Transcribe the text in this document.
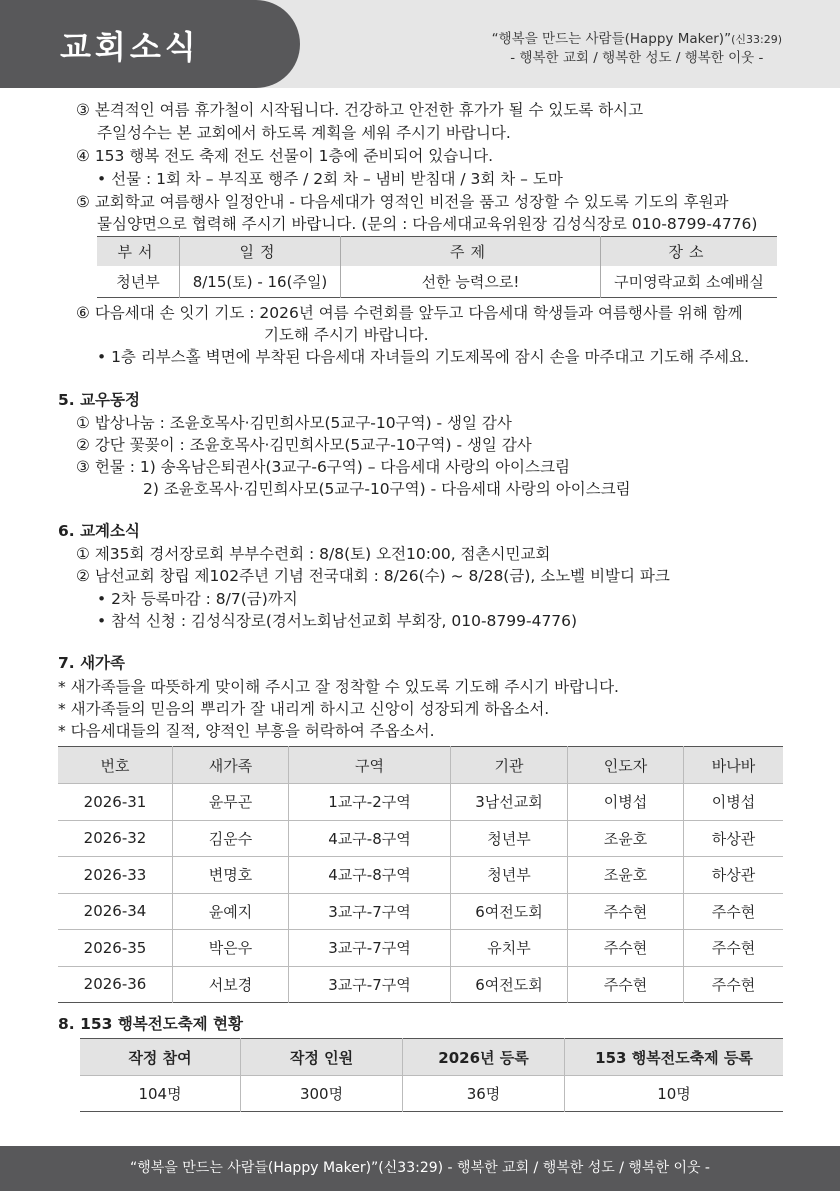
교회소식	“행복을 만드는 사람들(Happy Maker)”(신33:29)
- 행복한 교회 / 행복한 성도 / 행복한 이웃 -
③ 본격적인 여름 휴가철이 시작됩니다. 건강하고 안전한 휴가가 될 수 있도록 하시고
주일성수는 본 교회에서 하도록 계획을 세워 주시기 바랍니다.
④ 153 행복 전도 축제 전도 선물이 1층에 준비되어 있습니다.
• 선물 : 1회 차 – 부직포 행주 / 2회 차 – 냄비 받침대 / 3회 차 – 도마
⑤ 교회학교 여름행사 일정안내 - 다음세대가 영적인 비전을 품고 성장할 수 있도록 기도의 후원과
물심양면으로 협력해 주시기 바랍니다. (문의 : 다음세대교육위원장 김성식장로 010-8799-4776)
부서	일정	주제	장소
청년부	8/15(토) - 16(주일)	선한 능력으로!	구미영락교회 소예배실
⑥ 다음세대 손 잇기 기도 : 2026년 여름 수련회를 앞두고 다음세대 학생들과 여름행사를 위해 함께
기도해 주시기 바랍니다.
• 1층 리부스홀 벽면에 부착된 다음세대 자녀들의 기도제목에 잠시 손을 마주대고 기도해 주세요.
5. 교우동정
① 밥상나눔 : 조윤호목사·김민희사모(5교구-10구역) - 생일 감사
② 강단 꽃꽂이 : 조윤호목사·김민희사모(5교구-10구역) - 생일 감사
③ 헌물 : 1) 송옥남은퇴권사(3교구-6구역) – 다음세대 사랑의 아이스크림
2) 조윤호목사·김민희사모(5교구-10구역) - 다음세대 사랑의 아이스크림
6. 교계소식
① 제35회 경서장로회 부부수련회 : 8/8(토) 오전10:00, 점촌시민교회
② 남선교회 창립 제102주년 기념 전국대회 : 8/26(수) ~ 8/28(금), 소노벨 비발디 파크
• 2차 등록마감 : 8/7(금)까지
• 참석 신청 : 김성식장로(경서노회남선교회 부회장, 010-8799-4776)
7. 새가족
* 새가족들을 따뜻하게 맞이해 주시고 잘 정착할 수 있도록 기도해 주시기 바랍니다.
* 새가족들의 믿음의 뿌리가 잘 내리게 하시고 신앙이 성장되게 하옵소서.
* 다음세대들의 질적, 양적인 부흥을 허락하여 주옵소서.
번호	새가족	구역	기관	인도자	바나바
2026-31	윤무곤	1교구-2구역	3남선교회	이병섭	이병섭
2026-32	김운수	4교구-8구역	청년부	조윤호	하상관
2026-33	변명호	4교구-8구역	청년부	조윤호	하상관
2026-34	윤예지	3교구-7구역	6여전도회	주수현	주수현
2026-35	박은우	3교구-7구역	유치부	주수현	주수현
2026-36	서보경	3교구-7구역	6여전도회	주수현	주수현
8. 153 행복전도축제 현황
작정 참여	작정 인원	2026년 등록	153 행복전도축제 등록
104명	300명	36명	10명
“행복을 만드는 사람들(Happy Maker)”(신33:29) - 행복한 교회 / 행복한 성도 / 행복한 이웃 -
